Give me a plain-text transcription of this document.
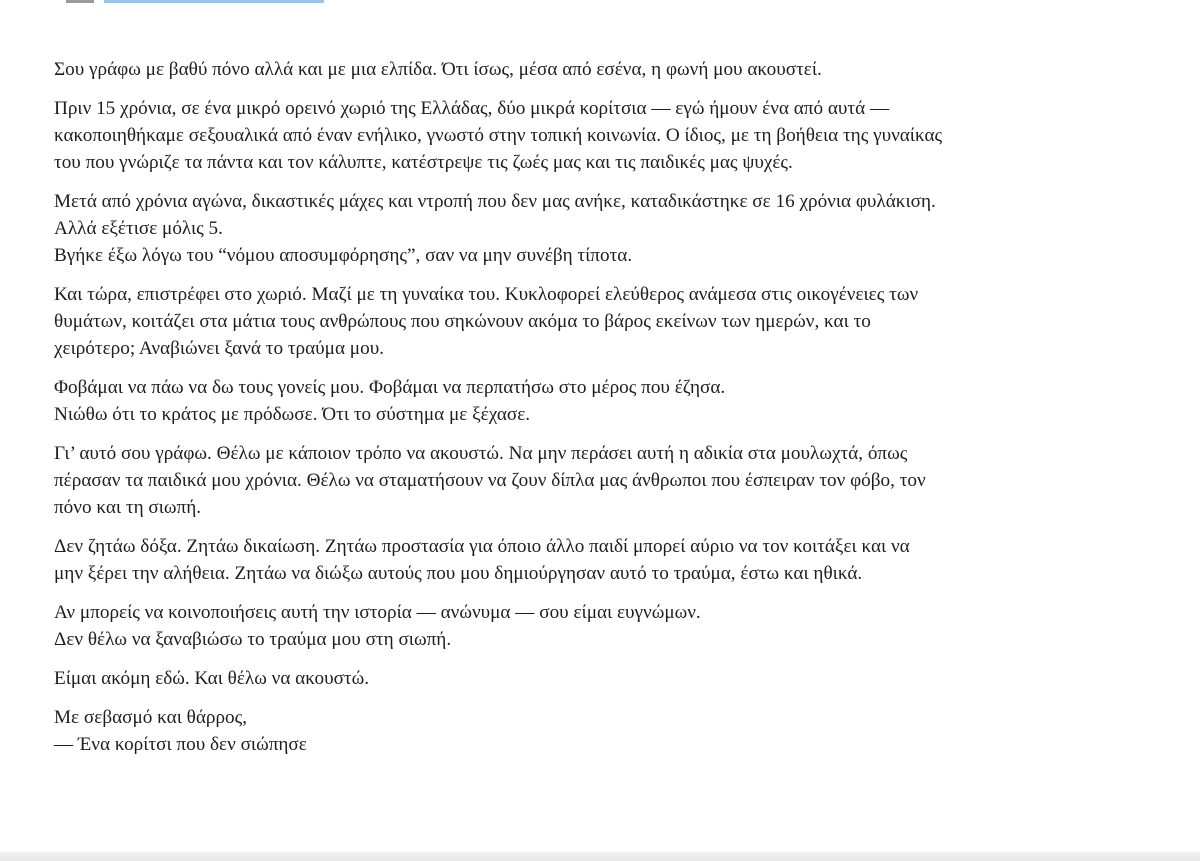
Σου γράφω με βαθύ πόνο αλλά και με μια ελπίδα. Ότι ίσως, μέσα από εσένα, η φωνή μου ακουστεί.

Πριν 15 χρόνια, σε ένα μικρό ορεινό χωριό της Ελλάδας, δύο μικρά κορίτσια — εγώ ήμουν ένα από αυτά —
κακοποιηθήκαμε σεξουαλικά από έναν ενήλικο, γνωστό στην τοπική κοινωνία. Ο ίδιος, με τη βοήθεια της γυναίκας
του που γνώριζε τα πάντα και τον κάλυπτε, κατέστρεψε τις ζωές μας και τις παιδικές μας ψυχές.

Μετά από χρόνια αγώνα, δικαστικές μάχες και ντροπή που δεν μας ανήκε, καταδικάστηκε σε 16 χρόνια φυλάκιση.
Αλλά εξέτισε μόλις 5.
Βγήκε έξω λόγω του “νόμου αποσυμφόρησης”, σαν να μην συνέβη τίποτα.

Και τώρα, επιστρέφει στο χωριό. Μαζί με τη γυναίκα του. Κυκλοφορεί ελεύθερος ανάμεσα στις οικογένειες των
θυμάτων, κοιτάζει στα μάτια τους ανθρώπους που σηκώνουν ακόμα το βάρος εκείνων των ημερών, και το
χειρότερο; Αναβιώνει ξανά το τραύμα μου.

Φοβάμαι να πάω να δω τους γονείς μου. Φοβάμαι να περπατήσω στο μέρος που έζησα.
Νιώθω ότι το κράτος με πρόδωσε. Ότι το σύστημα με ξέχασε.

Γι’ αυτό σου γράφω. Θέλω με κάποιον τρόπο να ακουστώ. Να μην περάσει αυτή η αδικία στα μουλωχτά, όπως
πέρασαν τα παιδικά μου χρόνια. Θέλω να σταματήσουν να ζουν δίπλα μας άνθρωποι που έσπειραν τον φόβο, τον
πόνο και τη σιωπή.

Δεν ζητάω δόξα. Ζητάω δικαίωση. Ζητάω προστασία για όποιο άλλο παιδί μπορεί αύριο να τον κοιτάξει και να
μην ξέρει την αλήθεια. Ζητάω να διώξω αυτούς που μου δημιούργησαν αυτό το τραύμα, έστω και ηθικά.

Αν μπορείς να κοινοποιήσεις αυτή την ιστορία — ανώνυμα — σου είμαι ευγνώμων.
Δεν θέλω να ξαναβιώσω το τραύμα μου στη σιωπή.

Είμαι ακόμη εδώ. Και θέλω να ακουστώ.

Με σεβασμό και θάρρος,
— Ένα κορίτσι που δεν σιώπησε
